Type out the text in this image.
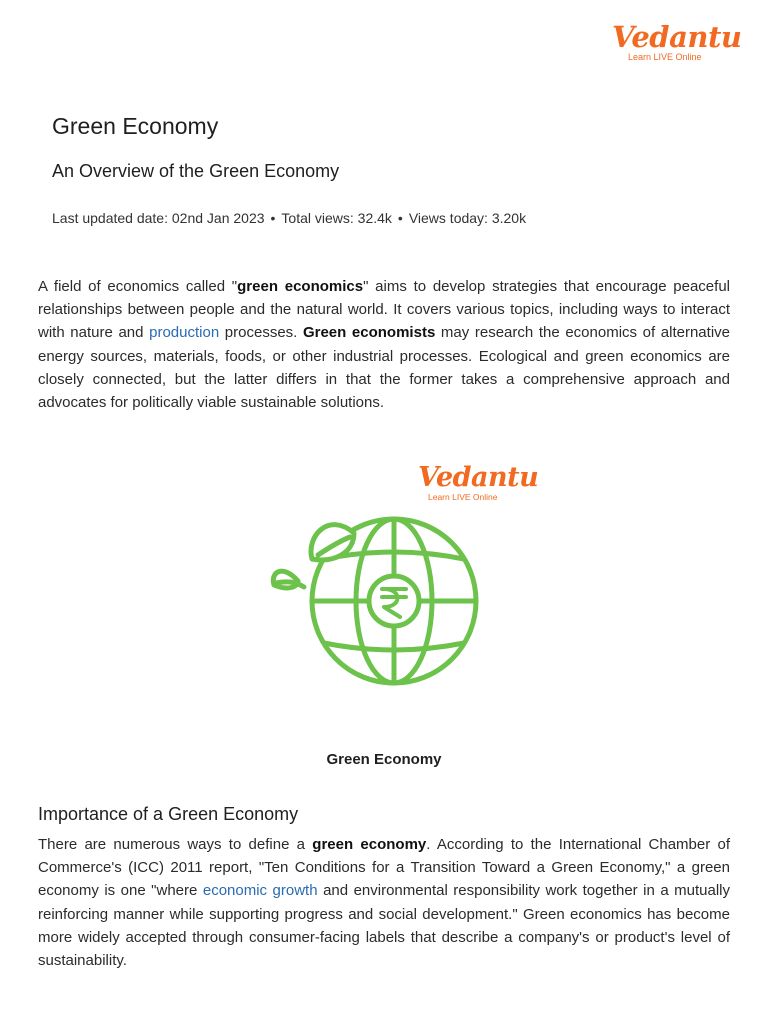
Vedantu
Learn LIVE Online
Green Economy
An Overview of the Green Economy
Last updated date: 02nd Jan 2023 • Total views: 32.4k • Views today: 3.20k

A field of economics called "green economics" aims to develop strategies that encourage peaceful relationships between people and the natural world. It covers various topics, including ways to interact with nature and production processes. Green economists may research the economics of alternative energy sources, materials, foods, or other industrial processes. Ecological and green economics are closely connected, but the latter differs in that the former takes a comprehensive approach and advocates for politically viable sustainable solutions.

Vedantu
Learn LIVE Online
Green Economy
Importance of a Green Economy

There are numerous ways to define a green economy. According to the International Chamber of Commerce's (ICC) 2011 report, "Ten Conditions for a Transition Toward a Green Economy," a green economy is one "where economic growth and environmental responsibility work together in a mutually reinforcing manner while supporting progress and social development." Green economics has become more widely accepted through consumer-facing labels that describe a company's or product's level of sustainability.
